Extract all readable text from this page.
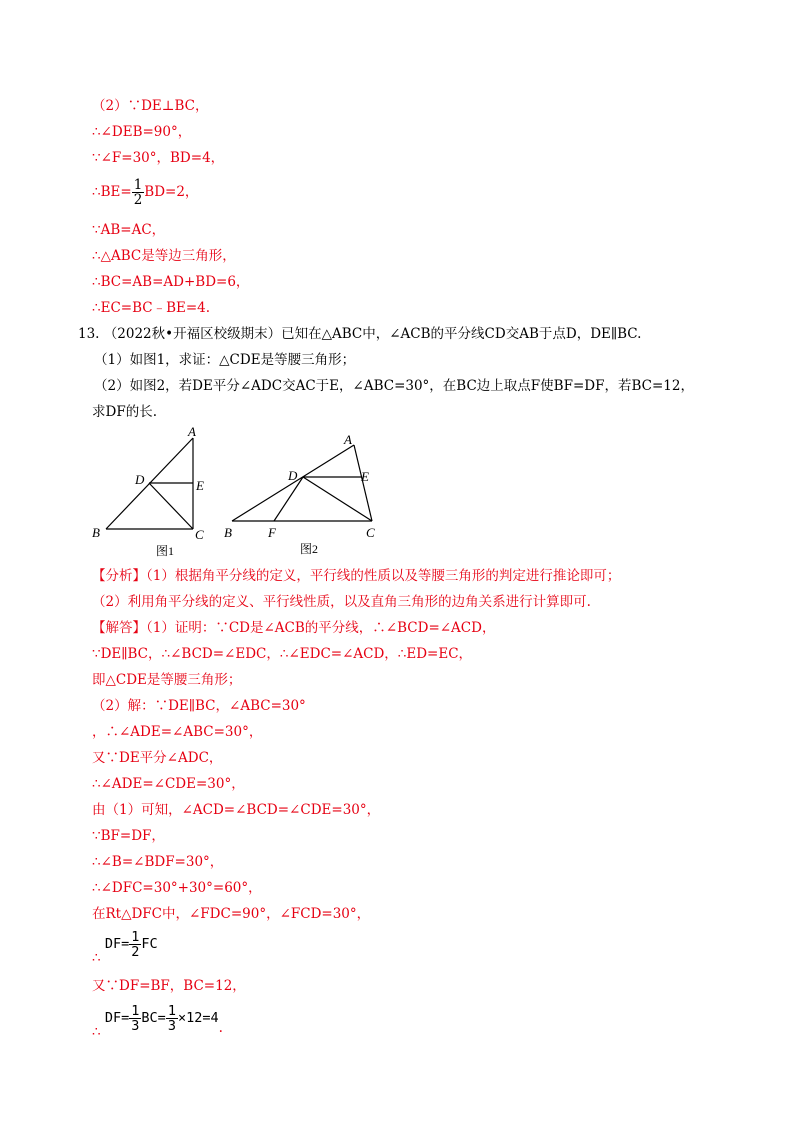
（2）∵DE⊥BC，
∴∠DEB=90°，
∵∠F=30°，BD=4，
∴BE= $\frac{1}{2} BD=2$，
∵AB=AC，
∴△ABC是等边三角形，
∴BC=AB=AD+BD=6，
∴EC=BC﹣BE=4.
13. （2022秋•开福区校级期末）已知在△ABC中，∠ACB的平分线CD交AB于点D，DE∥BC.
（1）如图1，求证：△CDE是等腰三角形；
（2）如图2，若DE平分∠ADC交AC于E，∠ABC=30°，在BC边上取点F使BF=DF，若BC=12，
求DF的长.
A
B	C
D	E
图1
A
B	C
D	E
F
图2
【分析】（1）根据角平分线的定义，平行线的性质以及等腰三角形的判定进行推论即可；
（2）利用角平分线的定义、平行线性质，以及直角三角形的边角关系进行计算即可.
【解答】（1）证明：∵CD是∠ACB的平分线，∴∠BCD=∠ACD，
∵DE∥BC，∴∠BCD=∠EDC，∴∠EDC=∠ACD，∴ED=EC，
即△CDE是等腰三角形；
（2）解：∵DE∥BC，∠ABC=30°
，∴∠ADE=∠ABC=30°，
又∵DE平分∠ADC，
∴∠ADE=∠CDE=30°，
由（1）可知，∠ACD=∠BCD=∠CDE=30°，
∵BF=DF，
∴∠B=∠BDF=30°，
∴∠DFC=30°+30°=60°，
在Rt△DFC中，∠FDC=90°，∠FCD=30°，
∴ $DF= \frac{1}{2}$ FC
又∵DF=BF，BC=12，
∴ $DF= \frac{1}{3} BC= \frac{1}{3} \times 12=4$.
